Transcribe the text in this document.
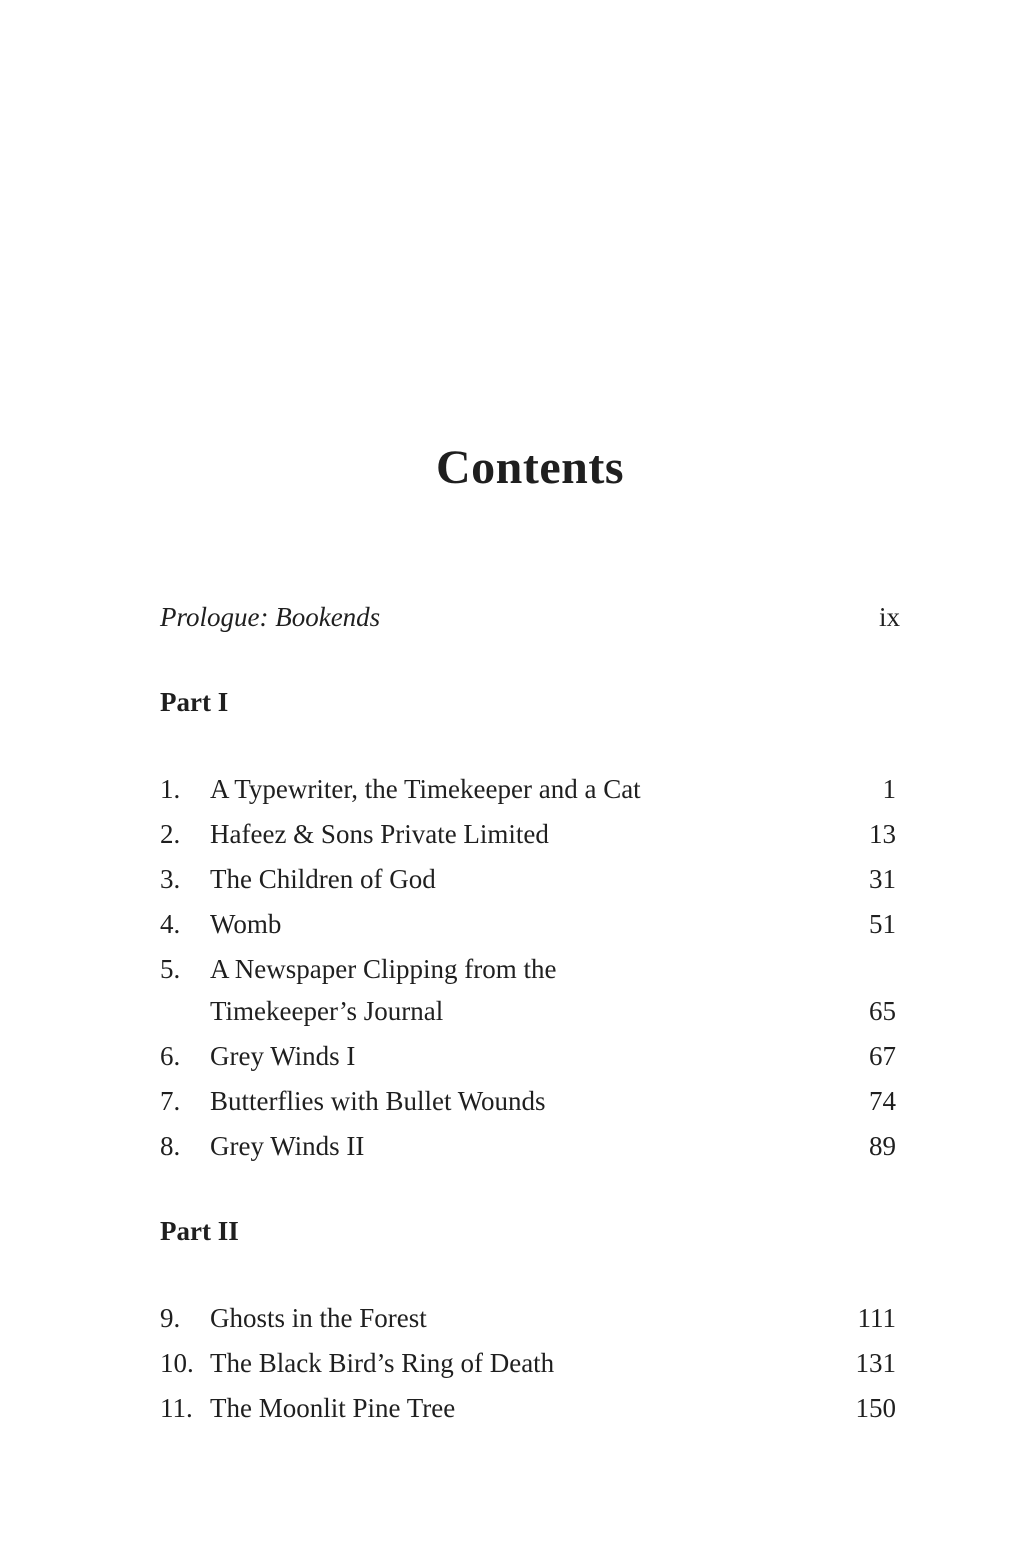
Contents
Prologue: Bookends	ix
Part I
1. A Typewriter, the Timekeeper and a Cat	1
2. Hafeez & Sons Private Limited	13
3. The Children of God	31
4. Womb	51
5. A Newspaper Clipping from the
Timekeeper’s Journal	65
6. Grey Winds I	67
7. Butterflies with Bullet Wounds	74
8. Grey Winds II	89
Part II
9. Ghosts in the Forest	111
10. The Black Bird’s Ring of Death	131
11. The Moonlit Pine Tree	150
